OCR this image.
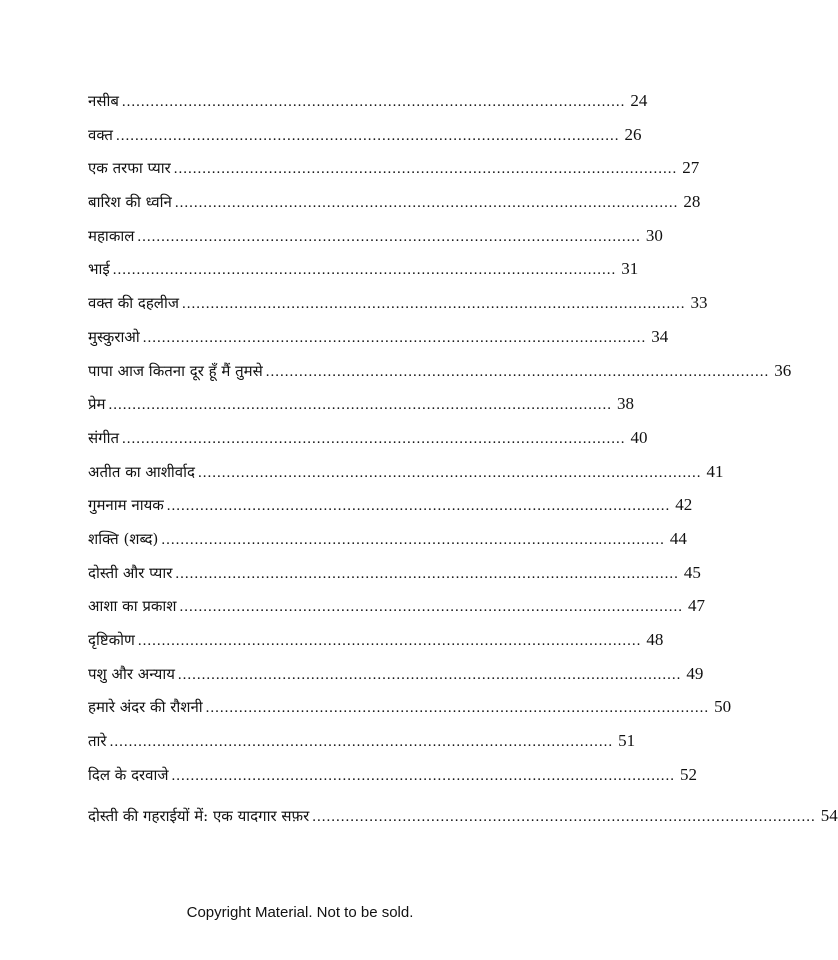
नसीब .......................................................................................................... 24
वक्त .......................................................................................................... 26
एक तरफा प्यार .......................................................................................................... 27
बारिश की ध्वनि .......................................................................................................... 28
महाकाल .......................................................................................................... 30
भाई .......................................................................................................... 31
वक्त की दहलीज .......................................................................................................... 33
मुस्कुराओ .......................................................................................................... 34
पापा आज कितना दूर हूँ मैं तुमसे .......................................................................................................... 36
प्रेम .......................................................................................................... 38
संगीत .......................................................................................................... 40
अतीत का आशीर्वाद .......................................................................................................... 41
गुमनाम नायक .......................................................................................................... 42
शक्ति (शब्द) .......................................................................................................... 44
दोस्ती और प्यार .......................................................................................................... 45
आशा का प्रकाश .......................................................................................................... 47
दृष्टिकोण .......................................................................................................... 48
पशु और अन्याय .......................................................................................................... 49
हमारे अंदर की रौशनी .......................................................................................................... 50
तारे .......................................................................................................... 51
दिल के दरवाजे .......................................................................................................... 52
दोस्ती की गहराईयों में: एक यादगार सफ़र .......................................................................................................... 54
Copyright Material. Not to be sold.
